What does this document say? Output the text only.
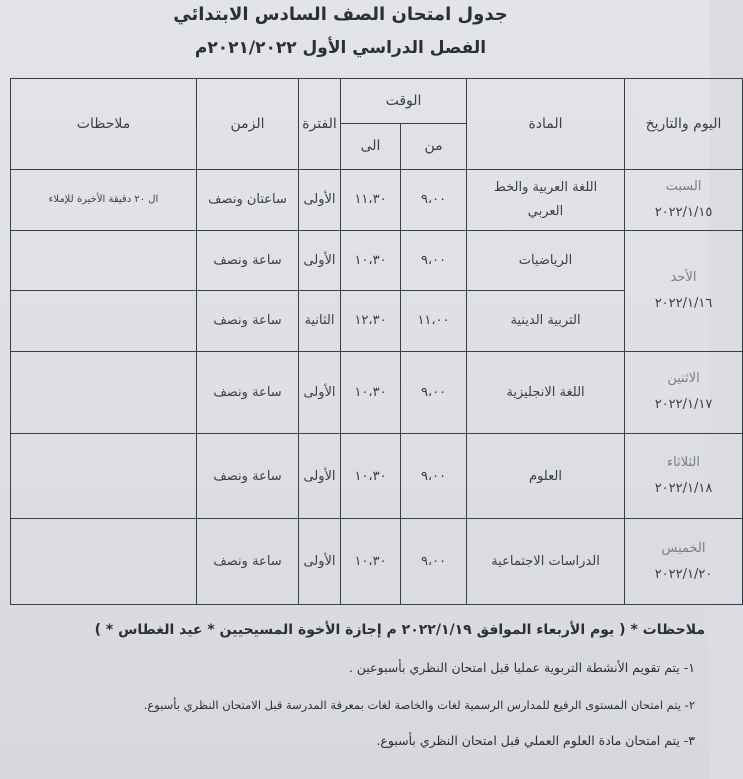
جدول امتحان الصف السادس الابتدائي
الفصل الدراسي الأول ٢٠٢١/٢٠٢٢م
اليوم والتاريخ	المادة	الوقت		الفترة	الزمن	ملاحظات
		من	الى			

السبت
٢٠٢٢/١/١٥	اللغة العربية والخط العربي	٩،٠٠	١١،٣٠	الأولى	ساعتان ونصف	ال ٢٠ دقيقة الأخيرة للإملاء

الأحد
٢٠٢٢/١/١٦	الرياضيات	٩،٠٠	١٠،٣٠	الأولى	ساعة ونصف	
	التربية الدينية	١١،٠٠	١٢،٣٠	الثانية	ساعة ونصف	

الاثنين
٢٠٢٢/١/١٧	اللغة الانجليزية	٩،٠٠	١٠،٣٠	الأولى	ساعة ونصف	

الثلاثاء
٢٠٢٢/١/١٨	العلوم	٩،٠٠	١٠،٣٠	الأولى	ساعة ونصف	

الخميس
٢٠٢٢/١/٢٠	الدراسات الاجتماعية	٩،٠٠	١٠،٣٠	الأولى	ساعة ونصف	
ملاحظات * ( يوم الأربعاء الموافق ٢٠٢٢/١/١٩ م إجازة الأخوة المسيحيين * عيد الغطاس * )
١- يتم تقويم الأنشطة التربوية عمليا قبل امتحان النظري بأسبوعين .
٢- يتم امتحان المستوى الرفيع للمدارس الرسمية لغات والخاصة لغات بمعرفة المدرسة قبل الامتحان النظري بأسبوع.
٣- يتم امتحان مادة العلوم العملي قبل امتحان النظري بأسبوع.
